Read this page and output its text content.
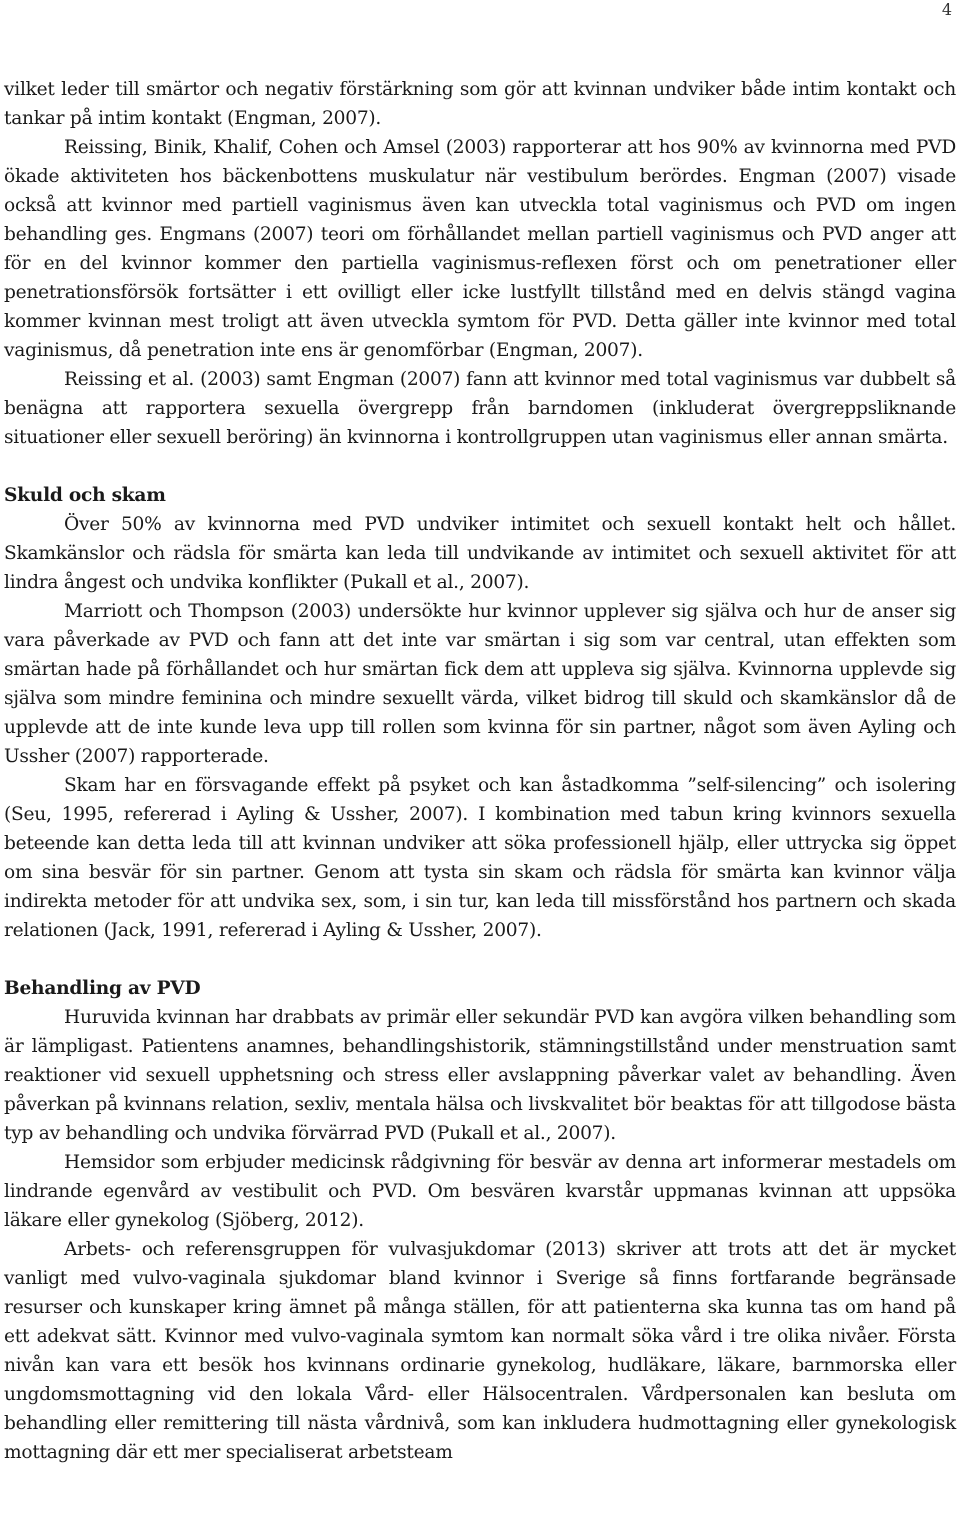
4

vilket leder till smärtor och negativ förstärkning som gör att kvinnan undviker både intim kontakt och tankar på intim kontakt (Engman, 2007).

Reissing, Binik, Khalif, Cohen och Amsel (2003) rapporterar att hos 90% av kvinnorna med PVD ökade aktiviteten hos bäckenbottens muskulatur när vestibulum berördes. Engman (2007) visade också att kvinnor med partiell vaginismus även kan utveckla total vaginismus och PVD om ingen behandling ges. Engmans (2007) teori om förhållandet mellan partiell vaginismus och PVD anger att för en del kvinnor kommer den partiella vaginismus-reflexen först och om penetrationer eller penetrationsförsök fortsätter i ett ovilligt eller icke lustfyllt tillstånd med en delvis stängd vagina kommer kvinnan mest troligt att även utveckla symtom för PVD. Detta gäller inte kvinnor med total vaginismus, då penetration inte ens är genomförbar (Engman, 2007).

Reissing et al. (2003) samt Engman (2007) fann att kvinnor med total vaginismus var dubbelt så benägna att rapportera sexuella övergrepp från barndomen (inkluderat övergreppsliknande situationer eller sexuell beröring) än kvinnorna i kontrollgruppen utan vaginismus eller annan smärta.

Skuld och skam

Över 50% av kvinnorna med PVD undviker intimitet och sexuell kontakt helt och hållet. Skamkänslor och rädsla för smärta kan leda till undvikande av intimitet och sexuell aktivitet för att lindra ångest och undvika konflikter (Pukall et al., 2007).

Marriott och Thompson (2003) undersökte hur kvinnor upplever sig själva och hur de anser sig vara påverkade av PVD och fann att det inte var smärtan i sig som var central, utan effekten som smärtan hade på förhållandet och hur smärtan fick dem att uppleva sig själva. Kvinnorna upplevde sig själva som mindre feminina och mindre sexuellt värda, vilket bidrog till skuld och skamkänslor då de upplevde att de inte kunde leva upp till rollen som kvinna för sin partner, något som även Ayling och Ussher (2007) rapporterade.

Skam har en försvagande effekt på psyket och kan åstadkomma ”self-silencing” och isolering (Seu, 1995, refererad i Ayling & Ussher, 2007). I kombination med tabun kring kvinnors sexuella beteende kan detta leda till att kvinnan undviker att söka professionell hjälp, eller uttrycka sig öppet om sina besvär för sin partner. Genom att tysta sin skam och rädsla för smärta kan kvinnor välja indirekta metoder för att undvika sex, som, i sin tur, kan leda till missförstånd hos partnern och skada relationen (Jack, 1991, refererad i Ayling & Ussher, 2007).

Behandling av PVD

Huruvida kvinnan har drabbats av primär eller sekundär PVD kan avgöra vilken behandling som är lämpligast. Patientens anamnes, behandlingshistorik, stämningstillstånd under menstruation samt reaktioner vid sexuell upphetsning och stress eller avslappning påverkar valet av behandling. Även påverkan på kvinnans relation, sexliv, mentala hälsa och livskvalitet bör beaktas för att tillgodose bästa typ av behandling och undvika förvärrad PVD (Pukall et al., 2007).

Hemsidor som erbjuder medicinsk rådgivning för besvär av denna art informerar mestadels om lindrande egenvård av vestibulit och PVD. Om besvären kvarstår uppmanas kvinnan att uppsöka läkare eller gynekolog (Sjöberg, 2012).

Arbets- och referensgruppen för vulvasjukdomar (2013) skriver att trots att det är mycket vanligt med vulvo-vaginala sjukdomar bland kvinnor i Sverige så finns fortfarande begränsade resurser och kunskaper kring ämnet på många ställen, för att patienterna ska kunna tas om hand på ett adekvat sätt. Kvinnor med vulvo-vaginala symtom kan normalt söka vård i tre olika nivåer. Första nivån kan vara ett besök hos kvinnans ordinarie gynekolog, hudläkare, läkare, barnmorska eller ungdomsmottagning vid den lokala Vård- eller Hälsocentralen. Vårdpersonalen kan besluta om behandling eller remittering till nästa vårdnivå, som kan inkludera hudmottagning eller gynekologisk mottagning där ett mer specialiserat arbetsteam
